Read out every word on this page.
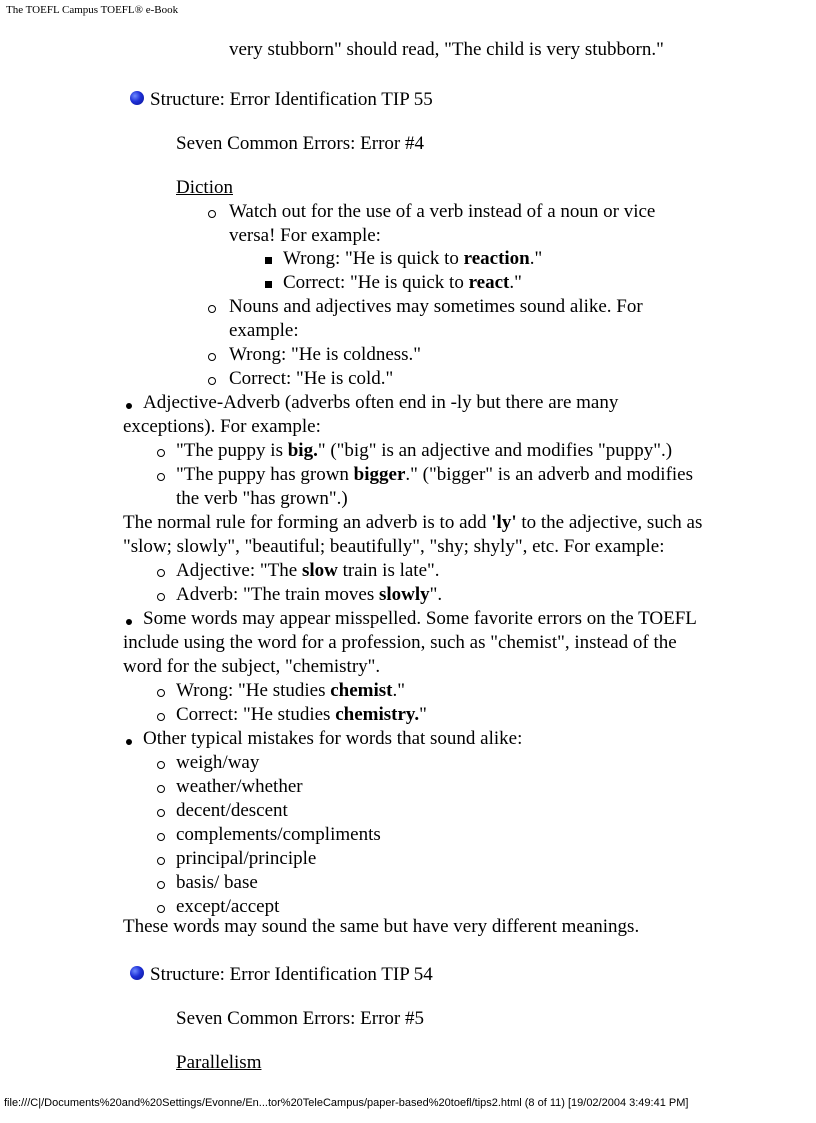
The TOEFL Campus TOEFL® e-Book
very stubborn" should read, "The child is very stubborn."
Structure: Error Identification TIP 55
Seven Common Errors: Error #4
Diction
Watch out for the use of a verb instead of a noun or vice versa! For example:
Wrong: "He is quick to reaction."
Correct: "He is quick to react."
Nouns and adjectives may sometimes sound alike. For example:
Wrong: "He is coldness."
Correct: "He is cold."
Adjective-Adverb (adverbs often end in -ly but there are many exceptions). For example:
"The puppy is big." ("big" is an adjective and modifies "puppy".)
"The puppy has grown bigger." ("bigger" is an adverb and modifies the verb "has grown".)
The normal rule for forming an adverb is to add 'ly' to the adjective, such as "slow; slowly", "beautiful; beautifully", "shy; shyly", etc. For example:
Adjective: "The slow train is late".
Adverb: "The train moves slowly".
Some words may appear misspelled. Some favorite errors on the TOEFL include using the word for a profession, such as "chemist", instead of the word for the subject, "chemistry".
Wrong: "He studies chemist."
Correct: "He studies chemistry."
Other typical mistakes for words that sound alike:
weigh/way
weather/whether
decent/descent
complements/compliments
principal/principle
basis/ base
except/accept
These words may sound the same but have very different meanings.
Structure: Error Identification TIP 54
Seven Common Errors: Error #5
Parallelism
file:///C|/Documents%20and%20Settings/Evonne/En...tor%20TeleCampus/paper-based%20toefl/tips2.html (8 of 11) [19/02/2004 3:49:41 PM]
